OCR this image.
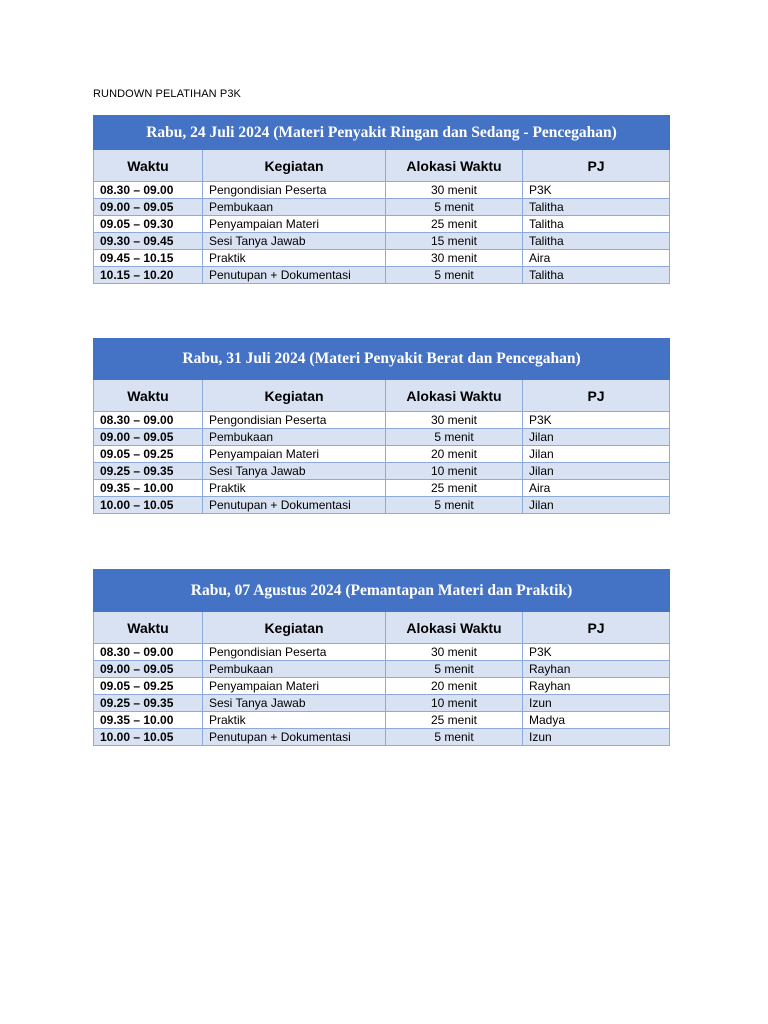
RUNDOWN PELATIHAN P3K
Rabu, 24 Juli 2024 (Materi Penyakit Ringan dan Sedang - Pencegahan)			
Waktu	Kegiatan	Alokasi Waktu	PJ
08.30 – 09.00	Pengondisian Peserta	30 menit	P3K
09.00 – 09.05	Pembukaan	5 menit	Talitha
09.05 – 09.30	Penyampaian Materi	25 menit	Talitha
09.30 – 09.45	Sesi Tanya Jawab	15 menit	Talitha
09.45 – 10.15	Praktik	30 menit	Aira
10.15 – 10.20	Penutupan + Dokumentasi	5 menit	Talitha
Rabu, 31 Juli 2024 (Materi Penyakit Berat dan Pencegahan)			
Waktu	Kegiatan	Alokasi Waktu	PJ
08.30 – 09.00	Pengondisian Peserta	30 menit	P3K
09.00 – 09.05	Pembukaan	5 menit	Jilan
09.05 – 09.25	Penyampaian Materi	20 menit	Jilan
09.25 – 09.35	Sesi Tanya Jawab	10 menit	Jilan
09.35 – 10.00	Praktik	25 menit	Aira
10.00 – 10.05	Penutupan + Dokumentasi	5 menit	Jilan
Rabu, 07 Agustus 2024 (Pemantapan Materi dan Praktik)			
Waktu	Kegiatan	Alokasi Waktu	PJ
08.30 – 09.00	Pengondisian Peserta	30 menit	P3K
09.00 – 09.05	Pembukaan	5 menit	Rayhan
09.05 – 09.25	Penyampaian Materi	20 menit	Rayhan
09.25 – 09.35	Sesi Tanya Jawab	10 menit	Izun
09.35 – 10.00	Praktik	25 menit	Madya
10.00 – 10.05	Penutupan + Dokumentasi	5 menit	Izun
